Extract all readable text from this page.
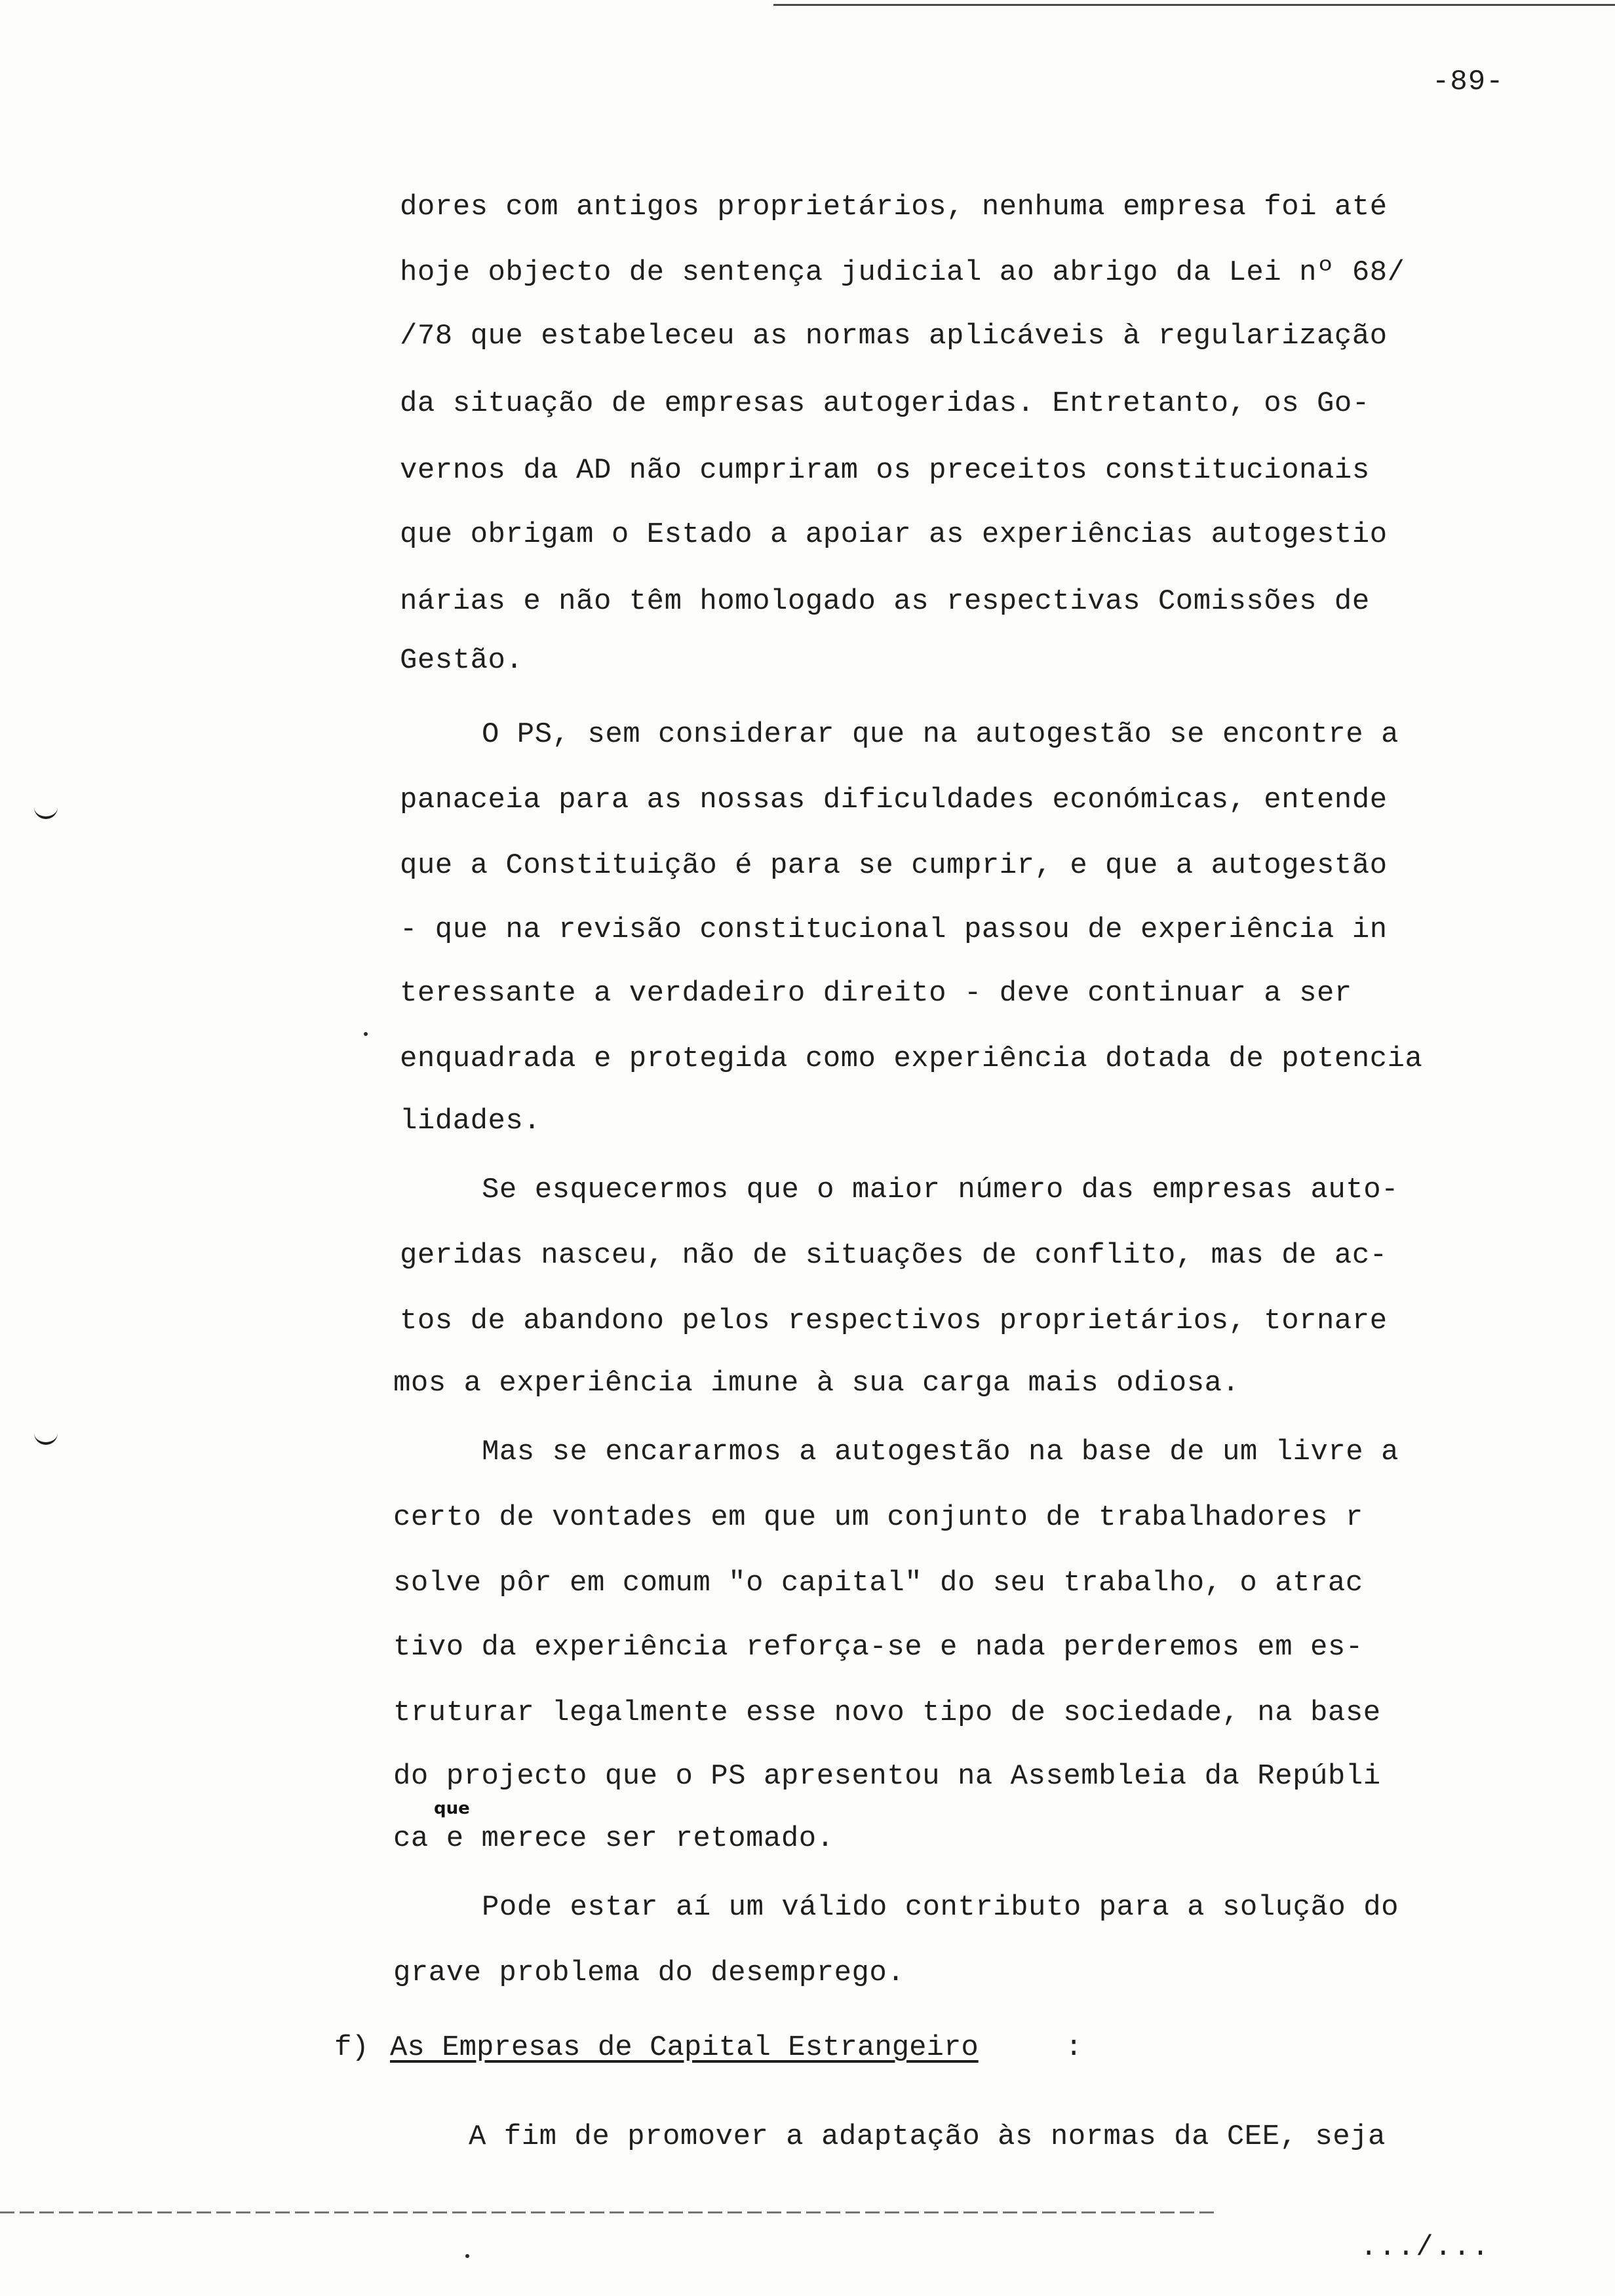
-89-
dores com antigos proprietários, nenhuma empresa foi até
hoje objecto de sentença judicial ao abrigo da Lei nº 68/
/78 que estabeleceu as normas aplicáveis à regularização
da situação de empresas autogeridas. Entretanto, os Go-
vernos da AD não cumpriram os preceitos constitucionais
que obrigam o Estado a apoiar as experiências autogestio
nárias e não têm homologado as respectivas Comissões de
Gestão.
O PS, sem considerar que na autogestão se encontre a
panaceia para as nossas dificuldades económicas, entende
que a Constituição é para se cumprir, e que a autogestão
- que na revisão constitucional passou de experiência in
teressante a verdadeiro direito - deve continuar a ser
enquadrada e protegida como experiência dotada de potencia
lidades.
Se esquecermos que o maior número das empresas auto-
geridas nasceu, não de situações de conflito, mas de ac-
tos de abandono pelos respectivos proprietários, tornare
mos a experiência imune à sua carga mais odiosa.
Mas se encararmos a autogestão na base de um livre a
certo de vontades em que um conjunto de trabalhadores r
solve pôr em comum "o capital" do seu trabalho, o atrac
tivo da experiência reforça-se e nada perderemos em es-
truturar legalmente esse novo tipo de sociedade, na base
do projecto que o PS apresentou na Assembleia da Repúbli
que
ca e merece ser retomado.
Pode estar aí um válido contributo para a solução do
grave problema do desemprego.
f) As Empresas de Capital Estrangeiro	:
A fim de promover a adaptação às normas da CEE, seja
.../...
